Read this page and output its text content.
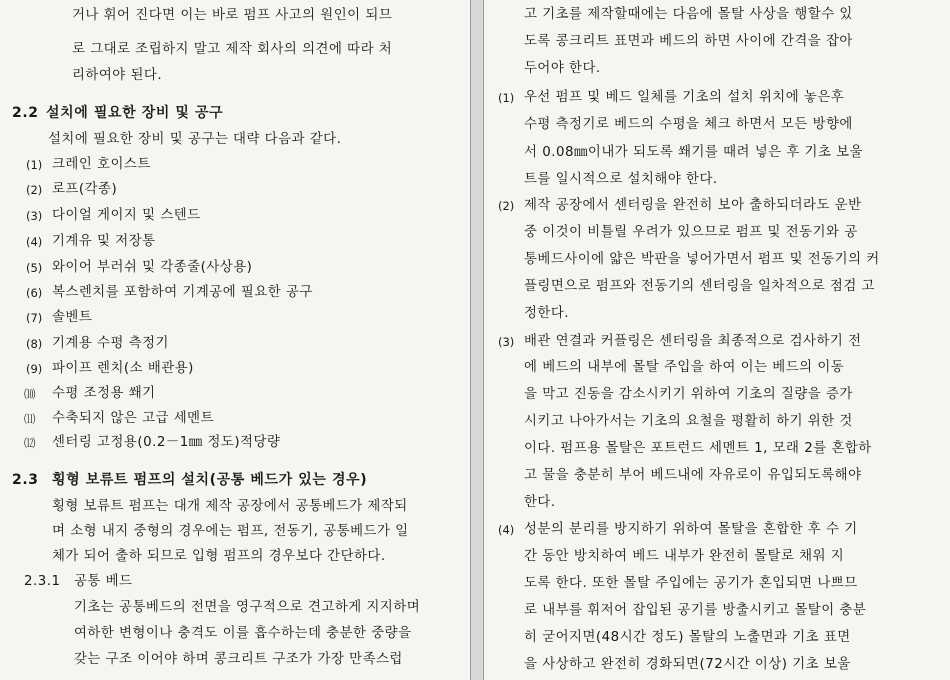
거나 휘어 진다면 이는 바로 펌프 사고의 원인이 되므
로 그대로 조립하지 말고 제작 회사의 의견에 따라 처
리하여야 된다.
2.2 설치에 필요한 장비 및 공구
설치에 필요한 장비 및 공구는 대략 다음과 같다.
(1) 크레인 호이스트
(2) 로프(각종)
(3) 다이얼 게이지 및 스텐드
(4) 기계유 및 저장통
(5) 와이어 부러쉬 및 각종줄(사상용)
(6) 복스렌치를 포함하여 기계공에 필요한 공구
(7) 솔벤트
(8) 기계용 수평 측정기
(9) 파이프 렌치(소 배관용)
⑽ 수평 조정용 쐐기
⑾ 수축되지 않은 고급 세멘트
⑿ 센터링 고정용(0.2－1㎜ 정도)적당량
2.3 횡형 보류트 펌프의 설치(공통 베드가 있는 경우)
횡형 보류트 펌프는 대개 제작 공장에서 공통베드가 제작되
며 소형 내지 중형의 경우에는 펌프, 전동기, 공통베드가 일
체가 되어 출하 되므로 입형 펌프의 경우보다 간단하다.
2.3.1 공통 베드
기초는 공통베드의 전면을 영구적으로 견고하게 지지하며
여하한 변형이나 충격도 이를 흡수하는데 충분한 중량을
갖는 구조 이어야 하며 콩크리트 구조가 가장 만족스럽
고 기초를 제작할때에는 다음에 몰탈 사상을 행할수 있
도록 콩크리트 표면과 베드의 하면 사이에 간격을 잡아
두어야 한다.
(1) 우선 펌프 및 베드 일체를 기초의 설치 위치에 놓은후
수평 측정기로 베드의 수평을 체크 하면서 모든 방향에
서 0.08㎜이내가 되도록 쐐기를 때려 넣은 후 기초 보울
트를 일시적으로 설치해야 한다.
(2) 제작 공장에서 센터링을 완전히 보아 출하되더라도 운반
중 이것이 비틀릴 우려가 있으므로 펌프 및 전동기와 공
통베드사이에 얇은 박판을 넣어가면서 펌프 및 전동기의 커
플링면으로 펌프와 전동기의 센터링을 일차적으로 점검 고
정한다.
(3) 배관 연결과 커플링은 센터링을 최종적으로 검사하기 전
에 베드의 내부에 몰탈 주입을 하여 이는 베드의 이동
을 막고 진동을 감소시키기 위하여 기초의 질량을 증가
시키고 나아가서는 기초의 요철을 평활히 하기 위한 것
이다. 펌프용 몰탈은 포트런드 세멘트 1, 모래 2를 혼합하
고 물을 충분히 부어 베드내에 자유로이 유입되도록해야
한다.
(4) 성분의 분리를 방지하기 위하여 몰탈을 혼합한 후 수 기
간 동안 방치하여 베드 내부가 완전히 몰탈로 채워 지
도록 한다. 또한 몰탈 주입에는 공기가 혼입되면 나쁘므
로 내부를 휘저어 잡입된 공기를 방출시키고 몰탈이 충분
히 굳어지면(48시간 정도) 몰탈의 노출면과 기초 표면
을 사상하고 완전히 경화되면(72시간 이상) 기초 보울
